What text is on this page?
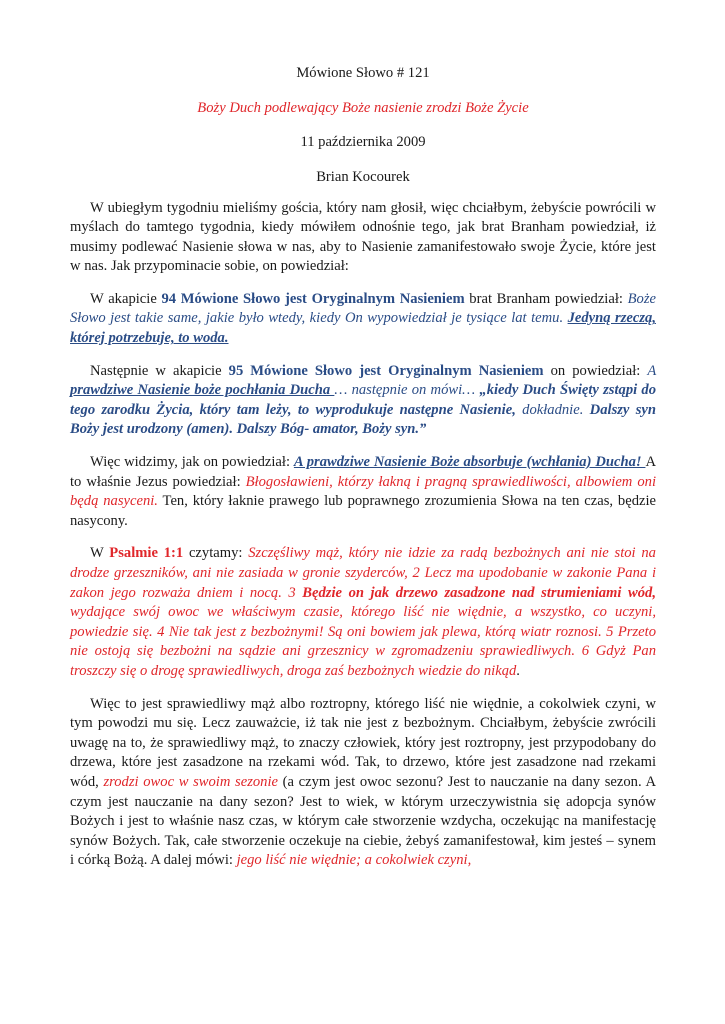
Mówione Słowo # 121
Boży Duch podlewający Boże nasienie zrodzi Boże Życie
11 października 2009
Brian Kocourek

W ubiegłym tygodniu mieliśmy gościa, który nam głosił, więc chciałbym, żebyście powrócili w myślach do tamtego tygodnia, kiedy mówiłem odnośnie tego, jak brat Branham powiedział, iż musimy podlewać Nasienie słowa w nas, aby to Nasienie zamanifestowało swoje Życie, które jest w nas. Jak przypominacie sobie, on powiedział:

W akapicie 94 Mówione Słowo jest Oryginalnym Nasieniem brat Branham powiedział: Boże Słowo jest takie same, jakie było wtedy, kiedy On wypowiedział je tysiące lat temu. Jedyną rzeczą, której potrzebuje, to woda.

Następnie w akapicie 95 Mówione Słowo jest Oryginalnym Nasieniem on powiedział: A prawdziwe Nasienie boże pochłania Ducha … następnie on mówi… „kiedy Duch Święty zstąpi do tego zarodku Życia, który tam leży, to wyprodukuje następne Nasienie, dokładnie. Dalszy syn Boży jest urodzony (amen). Dalszy Bóg- amator, Boży syn.”

Więc widzimy, jak on powiedział: A prawdziwe Nasienie Boże absorbuje (wchłania) Ducha! A to właśnie Jezus powiedział: Błogosławieni, którzy łakną i pragną sprawiedliwości, albowiem oni będą nasyceni. Ten, który łaknie prawego lub poprawnego zrozumienia Słowa na ten czas, będzie nasycony.

W Psalmie 1:1 czytamy: Szczęśliwy mąż, który nie idzie za radą bezbożnych ani nie stoi na drodze grzeszników, ani nie zasiada w gronie szyderców, 2 Lecz ma upodobanie w zakonie Pana i zakon jego rozważa dniem i nocą. 3 Będzie on jak drzewo zasadzone nad strumieniami wód, wydające swój owoc we właściwym czasie, którego liść nie więdnie, a wszystko, co uczyni, powiedzie się. 4 Nie tak jest z bezbożnymi! Są oni bowiem jak plewa, którą wiatr roznosi. 5 Przeto nie ostoją się bezbożni na sądzie ani grzesznicy w zgromadzeniu sprawiedliwych. 6 Gdyż Pan troszczy się o drogę sprawiedliwych, droga zaś bezbożnych wiedzie do nikąd.

Więc to jest sprawiedliwy mąż albo roztropny, którego liść nie więdnie, a cokolwiek czyni, w tym powodzi mu się. Lecz zauważcie, iż tak nie jest z bezbożnym. Chciałbym, żebyście zwrócili uwagę na to, że sprawiedliwy mąż, to znaczy człowiek, który jest roztropny, jest przypodobany do drzewa, które jest zasadzone na rzekami wód. Tak, to drzewo, które jest zasadzone nad rzekami wód, zrodzi owoc w swoim sezonie (a czym jest owoc sezonu? Jest to nauczanie na dany sezon. A czym jest nauczanie na dany sezon? Jest to wiek, w którym urzeczywistnia się adopcja synów Bożych i jest to właśnie nasz czas, w którym całe stworzenie wzdycha, oczekując na manifestację synów Bożych. Tak, całe stworzenie oczekuje na ciebie, żebyś zamanifestował, kim jesteś – synem i córką Bożą. A dalej mówi: jego liść nie więdnie; a cokolwiek czyni,
